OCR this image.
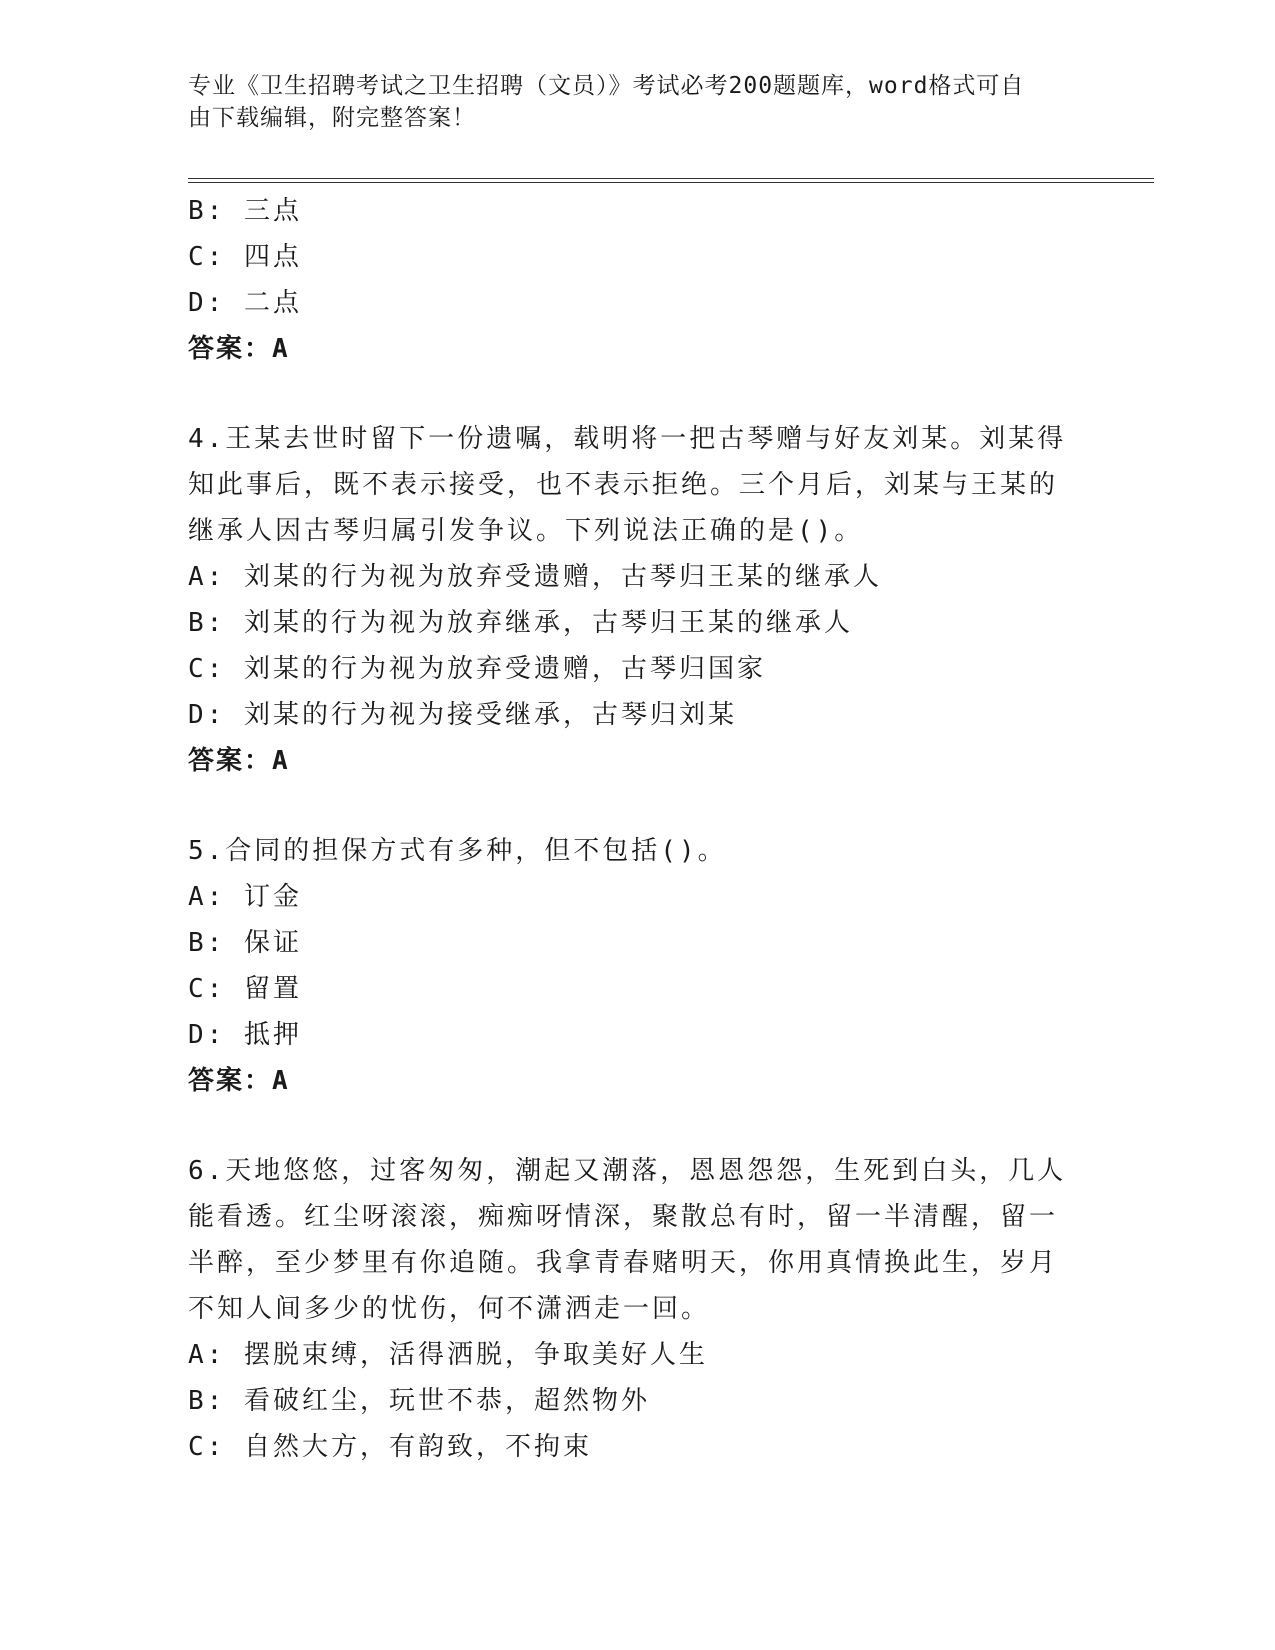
专业《卫生招聘考试之卫生招聘（文员）》考试必考200题题库，word格式可自
由下载编辑，附完整答案！
B: 三点
C: 四点
D: 二点
答案：A
4.王某去世时留下一份遗嘱，载明将一把古琴赠与好友刘某。刘某得
知此事后，既不表示接受，也不表示拒绝。三个月后，刘某与王某的
继承人因古琴归属引发争议。下列说法正确的是()。
A: 刘某的行为视为放弃受遗赠，古琴归王某的继承人
B: 刘某的行为视为放弃继承，古琴归王某的继承人
C: 刘某的行为视为放弃受遗赠，古琴归国家
D: 刘某的行为视为接受继承，古琴归刘某
答案：A
5.合同的担保方式有多种，但不包括()。
A: 订金
B: 保证
C: 留置
D: 抵押
答案：A
6.天地悠悠，过客匆匆，潮起又潮落，恩恩怨怨，生死到白头，几人
能看透。红尘呀滚滚，痴痴呀情深，聚散总有时，留一半清醒，留一
半醉，至少梦里有你追随。我拿青春赌明天，你用真情换此生，岁月
不知人间多少的忧伤，何不潇洒走一回。
A: 摆脱束缚，活得洒脱，争取美好人生
B: 看破红尘，玩世不恭，超然物外
C: 自然大方，有韵致，不拘束
